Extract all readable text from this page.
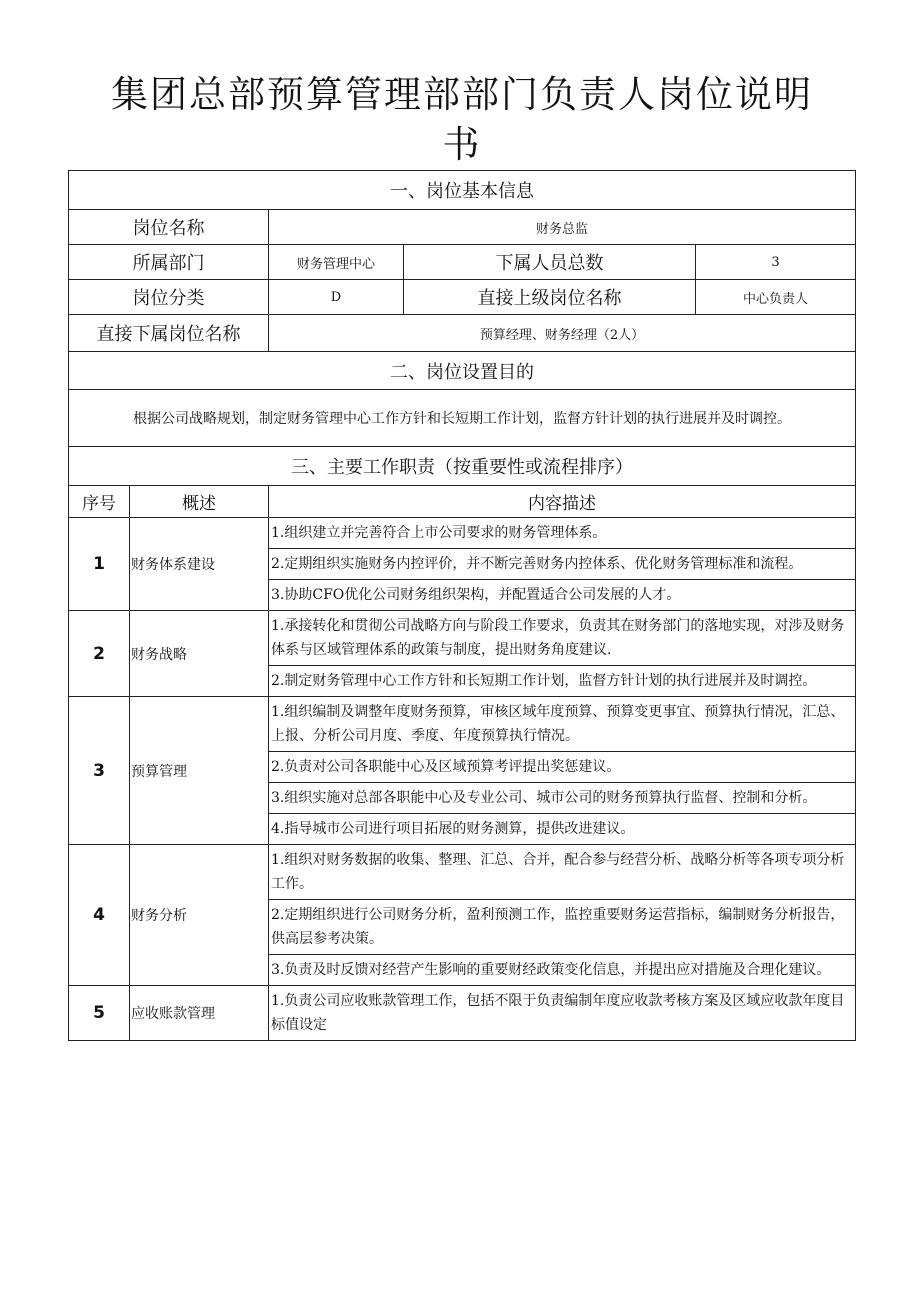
集团总部预算管理部部门负责人岗位说明
书
一、岗位基本信息				
岗位名称		财务总监		
所属部门		财务管理中心	下属人员总数	3
岗位分类		D	直接上级岗位名称	中心负责人
直接下属岗位名称		预算经理、财务经理（2人）		
二、岗位设置目的				
根据公司战略规划，制定财务管理中心工作方针和长短期工作计划，监督方针计划的执行进展并及时调控。				
三、主要工作职责（按重要性或流程排序）				
序号	概述	内容描述		
1	财务体系建设	1.组织建立并完善符合上市公司要求的财务管理体系。		
		2.定期组织实施财务内控评价，并不断完善财务内控体系、优化财务管理标准和流程。		
		3.协助CFO优化公司财务组织架构，并配置适合公司发展的人才。		
2	财务战略	1.承接转化和贯彻公司战略方向与阶段工作要求，负责其在财务部门的落地实现，对涉及财务体系与区域管理体系的政策与制度，提出财务角度建议.		
		2.制定财务管理中心工作方针和长短期工作计划，监督方针计划的执行进展并及时调控。		
3	预算管理	1.组织编制及调整年度财务预算，审核区域年度预算、预算变更事宜、预算执行情况，汇总、上报、分析公司月度、季度、年度预算执行情况。		
		2.负责对公司各职能中心及区域预算考评提出奖惩建议。		
		3.组织实施对总部各职能中心及专业公司、城市公司的财务预算执行监督、控制和分析。		
		4.指导城市公司进行项目拓展的财务测算，提供改进建议。		
4	财务分析	1.组织对财务数据的收集、整理、汇总、合并，配合参与经营分析、战略分析等各项专项分析工作。		
		2.定期组织进行公司财务分析，盈利预测工作，监控重要财务运营指标，编制财务分析报告，供高层参考决策。		
		3.负责及时反馈对经营产生影响的重要财经政策变化信息，并提出应对措施及合理化建议。		
5	应收账款管理	1.负责公司应收账款管理工作，包括不限于负责编制年度应收款考核方案及区域应收款年度目标值设定		
